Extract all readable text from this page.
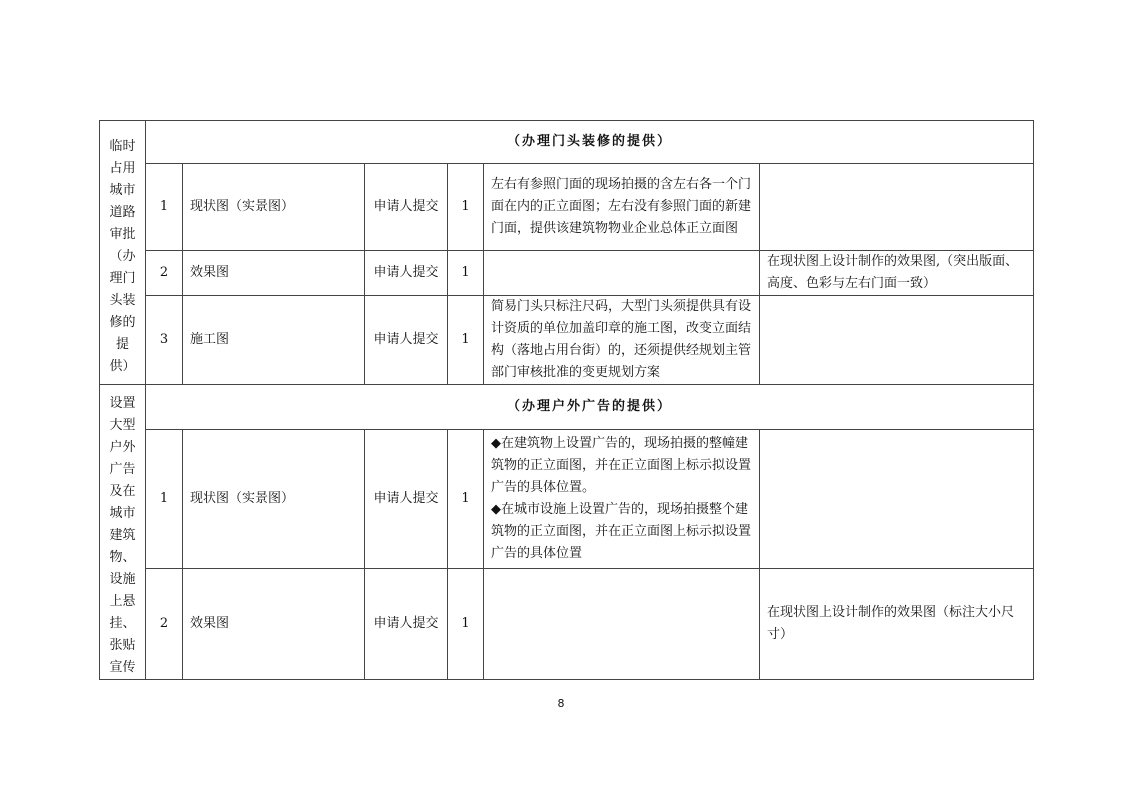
临时占用城市道路审批（办理门头装修的提供）	（办理门头装修的提供）					
	1	现状图（实景图）	申请人提交	1	左右有参照门面的现场拍摄的含左右各一个门面在内的正立面图；左右没有参照门面的新建门面，提供该建筑物物业企业总体正立面图	
	2	效果图	申请人提交	1		在现状图上设计制作的效果图,（突出版面、高度、色彩与左右门面一致）
	3	施工图	申请人提交	1	简易门头只标注尺码，大型门头须提供具有设计资质的单位加盖印章的施工图，改变立面结构（落地占用台街）的，还须提供经规划主管部门审核批准的变更规划方案	

设置大型户外广告及在城市建筑物、设施上悬挂、张贴宣传	（办理户外广告的提供）					
	1	现状图（实景图）	申请人提交	1	◆在建筑物上设置广告的，现场拍摄的整幢建筑物的正立面图，并在正立面图上标示拟设置广告的具体位置。
◆在城市设施上设置广告的，现场拍摄整个建筑物的正立面图，并在正立面图上标示拟设置广告的具体位置	

	2	效果图	申请人提交	1		在现状图上设计制作的效果图（标注大小尺寸）
8
